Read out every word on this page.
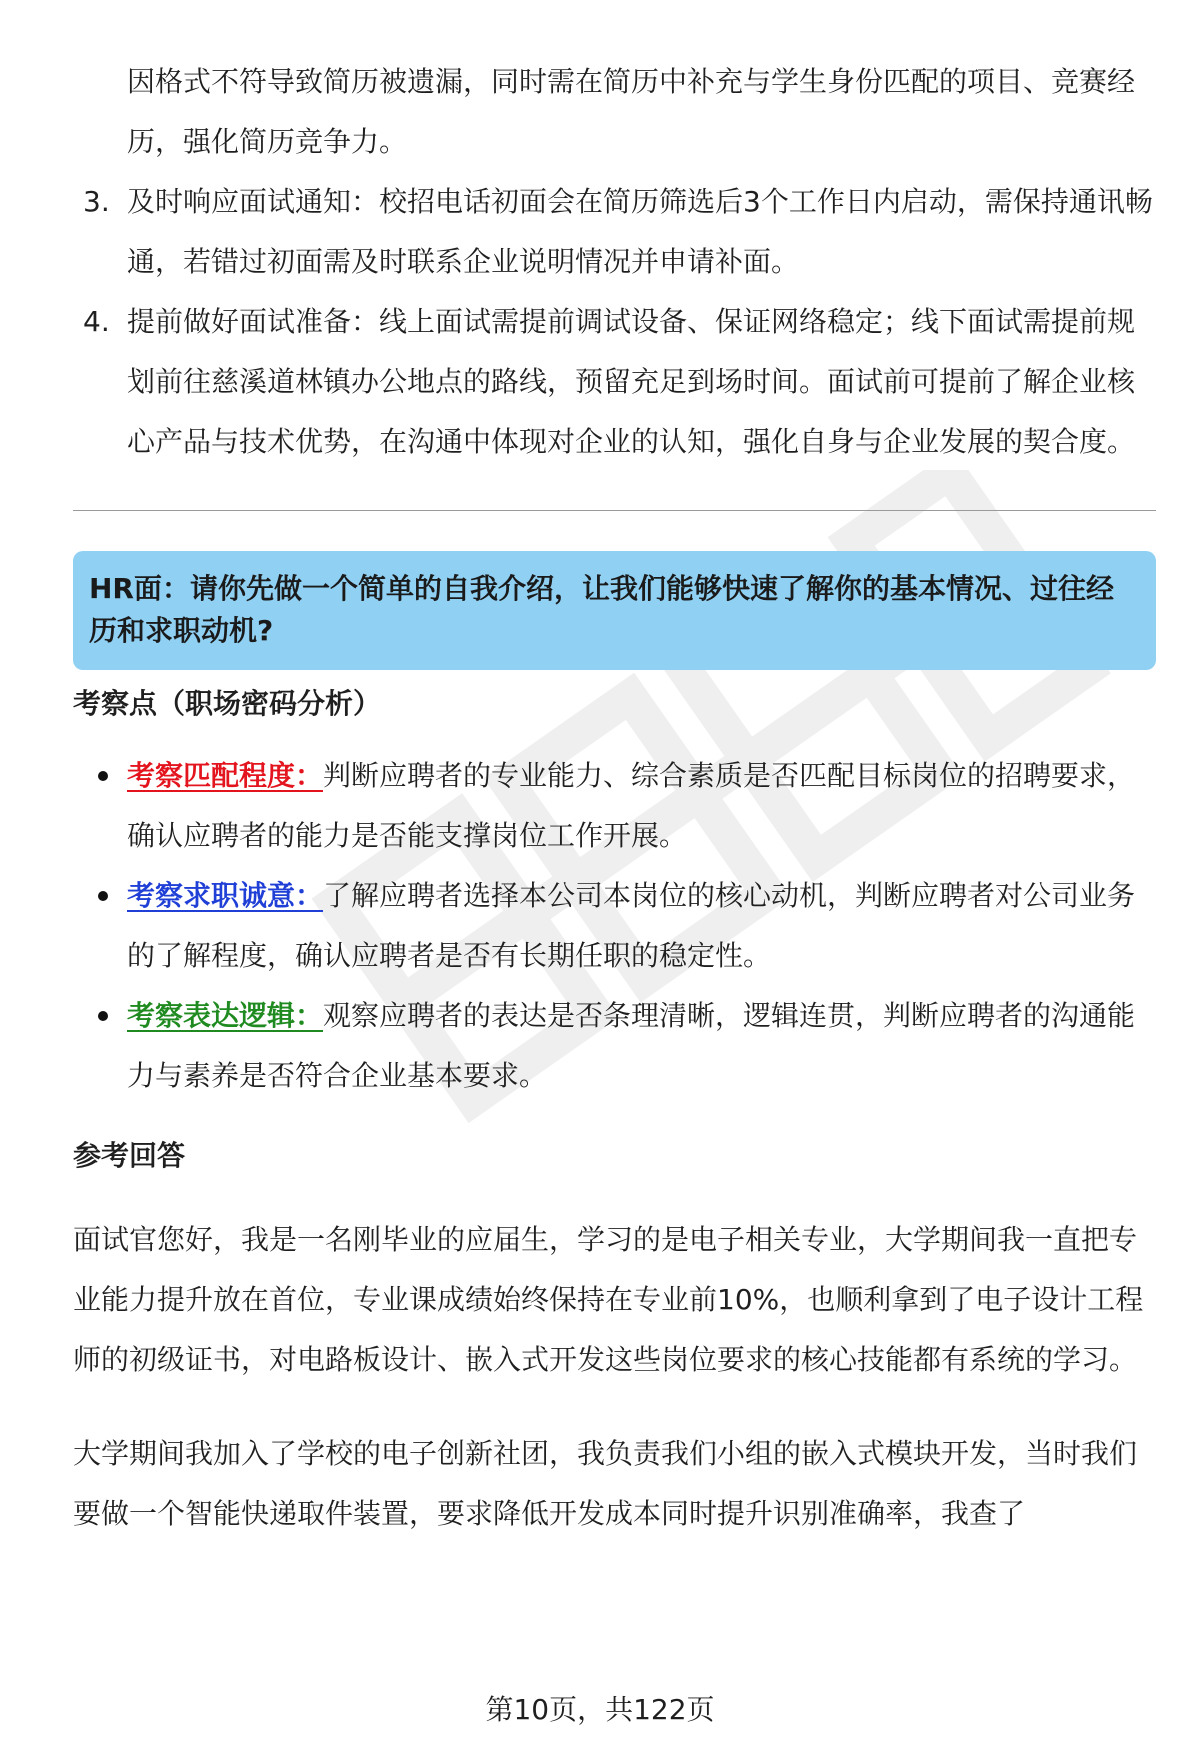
因格式不符导致简历被遗漏，同时需在简历中补充与学生身份匹配的项目、竞赛经历，强化简历竞争力。

3. 及时响应面试通知：校招电话初面会在简历筛选后3个工作日内启动，需保持通讯畅通，若错过初面需及时联系企业说明情况并申请补面。
4. 提前做好面试准备：线上面试需提前调试设备、保证网络稳定；线下面试需提前规划前往慈溪道林镇办公地点的路线，预留充足到场时间。面试前可提前了解企业核心产品与技术优势，在沟通中体现对企业的认知，强化自身与企业发展的契合度。
HR面：请你先做一个简单的自我介绍，让我们能够快速了解你的基本情况、过往经历和求职动机?
考察点（职场密码分析）
考察匹配程度：判断应聘者的专业能力、综合素质是否匹配目标岗位的招聘要求，确认应聘者的能力是否能支撑岗位工作开展。
考察求职诚意：了解应聘者选择本公司本岗位的核心动机，判断应聘者对公司业务的了解程度，确认应聘者是否有长期任职的稳定性。
考察表达逻辑：观察应聘者的表达是否条理清晰，逻辑连贯，判断应聘者的沟通能力与素养是否符合企业基本要求。
参考回答

面试官您好，我是一名刚毕业的应届生，学习的是电子相关专业，大学期间我一直把专业能力提升放在首位，专业课成绩始终保持在专业前10%，也顺利拿到了电子设计工程师的初级证书，对电路板设计、嵌入式开发这些岗位要求的核心技能都有系统的学习。

大学期间我加入了学校的电子创新社团，我负责我们小组的嵌入式模块开发，当时我们要做一个智能快递取件装置，要求降低开发成本同时提升识别准确率，我查了

第10页，共122页
